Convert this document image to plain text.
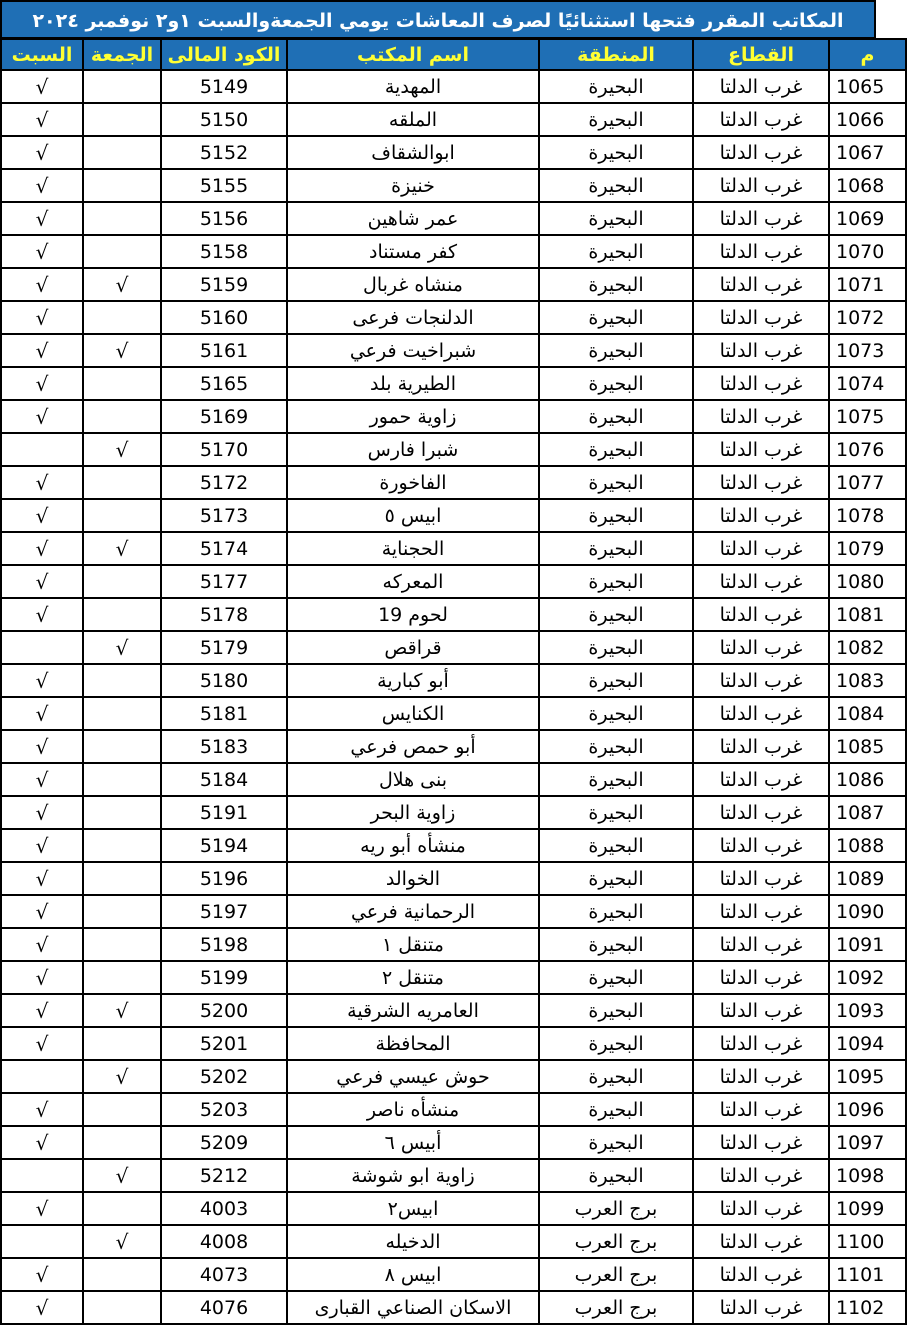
المكاتب المقرر فتحها استثنائيًا لصرف المعاشات يومي الجمعةوالسبت ١و٢ نوفمبر ٢٠٢٤
السبت	الجمعة	الكود المالى	اسم المكتب	المنطقة	القطاع	م
√		5149	المهدية	البحيرة	غرب الدلتا	1065
√		5150	الملقه	البحيرة	غرب الدلتا	1066
√		5152	ابوالشقاف	البحيرة	غرب الدلتا	1067
√		5155	خنيزة	البحيرة	غرب الدلتا	1068
√		5156	عمر شاهين	البحيرة	غرب الدلتا	1069
√		5158	كفر مستناد	البحيرة	غرب الدلتا	1070
√	√	5159	منشاه غربال	البحيرة	غرب الدلتا	1071
√		5160	الدلنجات فرعى	البحيرة	غرب الدلتا	1072
√	√	5161	شبراخيت فرعي	البحيرة	غرب الدلتا	1073
√		5165	الطيرية بلد	البحيرة	غرب الدلتا	1074
√		5169	زاوية حمور	البحيرة	غرب الدلتا	1075
	√	5170	شبرا فارس	البحيرة	غرب الدلتا	1076
√		5172	الفاخورة	البحيرة	غرب الدلتا	1077
√		5173	ابيس ٥	البحيرة	غرب الدلتا	1078
√	√	5174	الحجناية	البحيرة	غرب الدلتا	1079
√		5177	المعركه	البحيرة	غرب الدلتا	1080
√		5178	لحوم 19	البحيرة	غرب الدلتا	1081
	√	5179	قراقص	البحيرة	غرب الدلتا	1082
√		5180	أبو كبارية	البحيرة	غرب الدلتا	1083
√		5181	الكنايس	البحيرة	غرب الدلتا	1084
√		5183	أبو حمص فرعي	البحيرة	غرب الدلتا	1085
√		5184	بنى هلال	البحيرة	غرب الدلتا	1086
√		5191	زاوية البحر	البحيرة	غرب الدلتا	1087
√		5194	منشأه أبو ريه	البحيرة	غرب الدلتا	1088
√		5196	الخوالد	البحيرة	غرب الدلتا	1089
√		5197	الرحمانية فرعي	البحيرة	غرب الدلتا	1090
√		5198	متنقل ١	البحيرة	غرب الدلتا	1091
√		5199	متنقل ٢	البحيرة	غرب الدلتا	1092
√	√	5200	العامريه الشرقية	البحيرة	غرب الدلتا	1093
√		5201	المحافظة	البحيرة	غرب الدلتا	1094
	√	5202	حوش عيسي فرعي	البحيرة	غرب الدلتا	1095
√		5203	منشأه ناصر	البحيرة	غرب الدلتا	1096
√		5209	أبيس ٦	البحيرة	غرب الدلتا	1097
	√	5212	زاوية ابو شوشة	البحيرة	غرب الدلتا	1098
√		4003	ابيس٢	برج العرب	غرب الدلتا	1099
	√	4008	الدخيله	برج العرب	غرب الدلتا	1100
√		4073	ابيس ٨	برج العرب	غرب الدلتا	1101
√		4076	الاسكان الصناعي القبارى	برج العرب	غرب الدلتا	1102
